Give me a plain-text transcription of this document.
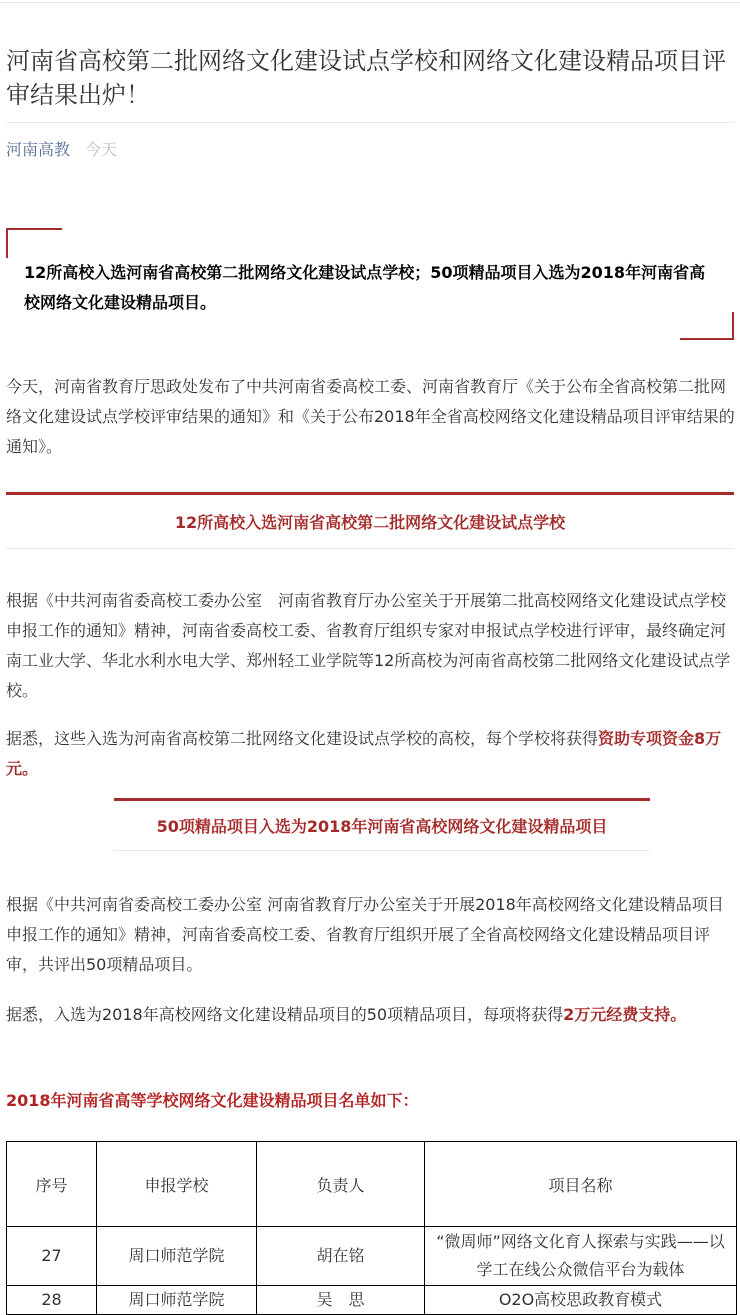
河南省高校第二批网络文化建设试点学校和网络文化建设精品项目评审结果出炉！
河南高教 今天
12所高校入选河南省高校第二批网络文化建设试点学校；50项精品项目入选为2018年河南省高校网络文化建设精品项目。
今天，河南省教育厅思政处发布了中共河南省委高校工委、河南省教育厅《关于公布全省高校第二批网络文化建设试点学校评审结果的通知》和《关于公布2018年全省高校网络文化建设精品项目评审结果的通知》。
12所高校入选河南省高校第二批网络文化建设试点学校
根据《中共河南省委高校工委办公室　河南省教育厅办公室关于开展第二批高校网络文化建设试点学校申报工作的通知》精神，河南省委高校工委、省教育厅组织专家对申报试点学校进行评审，最终确定河南工业大学、华北水利水电大学、郑州轻工业学院等12所高校为河南省高校第二批网络文化建设试点学校。
据悉，这些入选为河南省高校第二批网络文化建设试点学校的高校，每个学校将获得资助专项资金8万元。
50项精品项目入选为2018年河南省高校网络文化建设精品项目
根据《中共河南省委高校工委办公室 河南省教育厅办公室关于开展2018年高校网络文化建设精品项目申报工作的通知》精神，河南省委高校工委、省教育厅组织开展了全省高校网络文化建设精品项目评审，共评出50项精品项目。
据悉，入选为2018年高校网络文化建设精品项目的50项精品项目，每项将获得2万元经费支持。
2018年河南省高等学校网络文化建设精品项目名单如下：
序号	申报学校	负责人	项目名称
27	周口师范学院	胡在铭	“微周师”网络文化育人探索与实践——以学工在线公众微信平台为载体
28	周口师范学院	吴　思	O2O高校思政教育模式
